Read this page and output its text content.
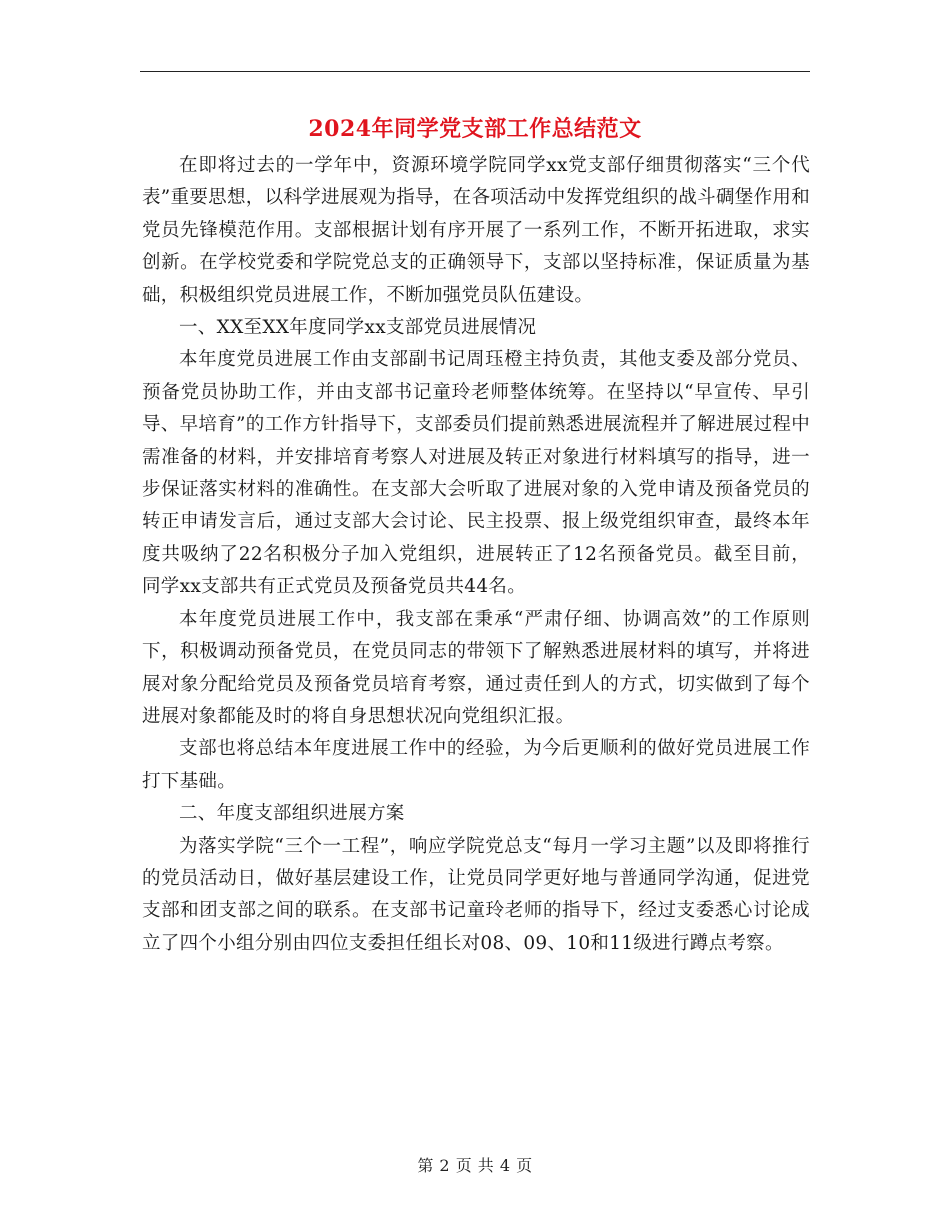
2024年同学党支部工作总结范文

在即将过去的一学年中，资源环境学院同学xx党支部仔细贯彻落实“三个代表”重要思想，以科学进展观为指导，在各项活动中发挥党组织的战斗碉堡作用和党员先锋模范作用。支部根据计划有序开展了一系列工作，不断开拓进取，求实创新。在学校党委和学院党总支的正确领导下，支部以坚持标准，保证质量为基础，积极组织党员进展工作，不断加强党员队伍建设。

一、XX至XX年度同学xx支部党员进展情况

本年度党员进展工作由支部副书记周珏橙主持负责，其他支委及部分党员、预备党员协助工作，并由支部书记童玲老师整体统筹。在坚持以“早宣传、早引导、早培育”的工作方针指导下，支部委员们提前熟悉进展流程并了解进展过程中需准备的材料，并安排培育考察人对进展及转正对象进行材料填写的指导，进一步保证落实材料的准确性。在支部大会听取了进展对象的入党申请及预备党员的转正申请发言后，通过支部大会讨论、民主投票、报上级党组织审查，最终本年度共吸纳了22名积极分子加入党组织，进展转正了12名预备党员。截至目前，同学xx支部共有正式党员及预备党员共44名。

本年度党员进展工作中，我支部在秉承“严肃仔细、协调高效”的工作原则下，积极调动预备党员，在党员同志的带领下了解熟悉进展材料的填写，并将进展对象分配给党员及预备党员培育考察，通过责任到人的方式，切实做到了每个进展对象都能及时的将自身思想状况向党组织汇报。

支部也将总结本年度进展工作中的经验，为今后更顺利的做好党员进展工作打下基础。

二、年度支部组织进展方案

为落实学院“三个一工程”，响应学院党总支“每月一学习主题”以及即将推行的党员活动日，做好基层建设工作，让党员同学更好地与普通同学沟通，促进党支部和团支部之间的联系。在支部书记童玲老师的指导下，经过支委悉心讨论成立了四个小组分别由四位支委担任组长对08、09、10和11级进行蹲点考察。

第 2 页 共 4 页
